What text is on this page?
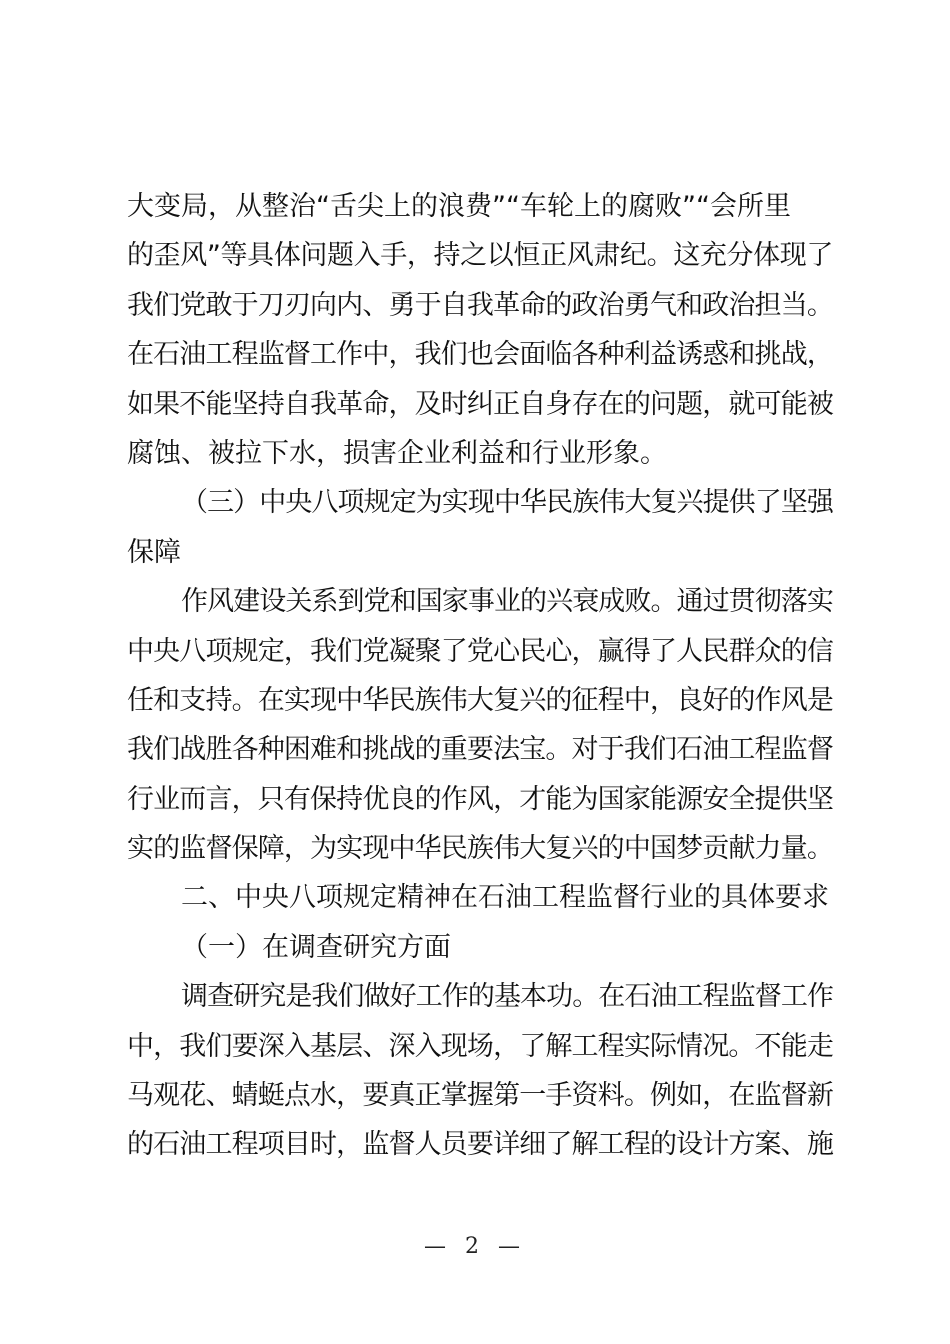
大变局，从整治“舌尖上的浪费”“车轮上的腐败”“会所里
的歪风”等具体问题入手，持之以恒正风肃纪。这充分体现了
我们党敢于刀刃向内、勇于自我革命的政治勇气和政治担当。
在石油工程监督工作中，我们也会面临各种利益诱惑和挑战，
如果不能坚持自我革命，及时纠正自身存在的问题，就可能被
腐蚀、被拉下水，损害企业利益和行业形象。
（三）中央八项规定为实现中华民族伟大复兴提供了坚强
保障
作风建设关系到党和国家事业的兴衰成败。通过贯彻落实
中央八项规定，我们党凝聚了党心民心，赢得了人民群众的信
任和支持。在实现中华民族伟大复兴的征程中，良好的作风是
我们战胜各种困难和挑战的重要法宝。对于我们石油工程监督
行业而言，只有保持优良的作风，才能为国家能源安全提供坚
实的监督保障，为实现中华民族伟大复兴的中国梦贡献力量。
二、中央八项规定精神在石油工程监督行业的具体要求
（一）在调查研究方面
调查研究是我们做好工作的基本功。在石油工程监督工作
中，我们要深入基层、深入现场，了解工程实际情况。不能走
马观花、蜻蜓点水，要真正掌握第一手资料。例如，在监督新
的石油工程项目时，监督人员要详细了解工程的设计方案、施
— 2 —
